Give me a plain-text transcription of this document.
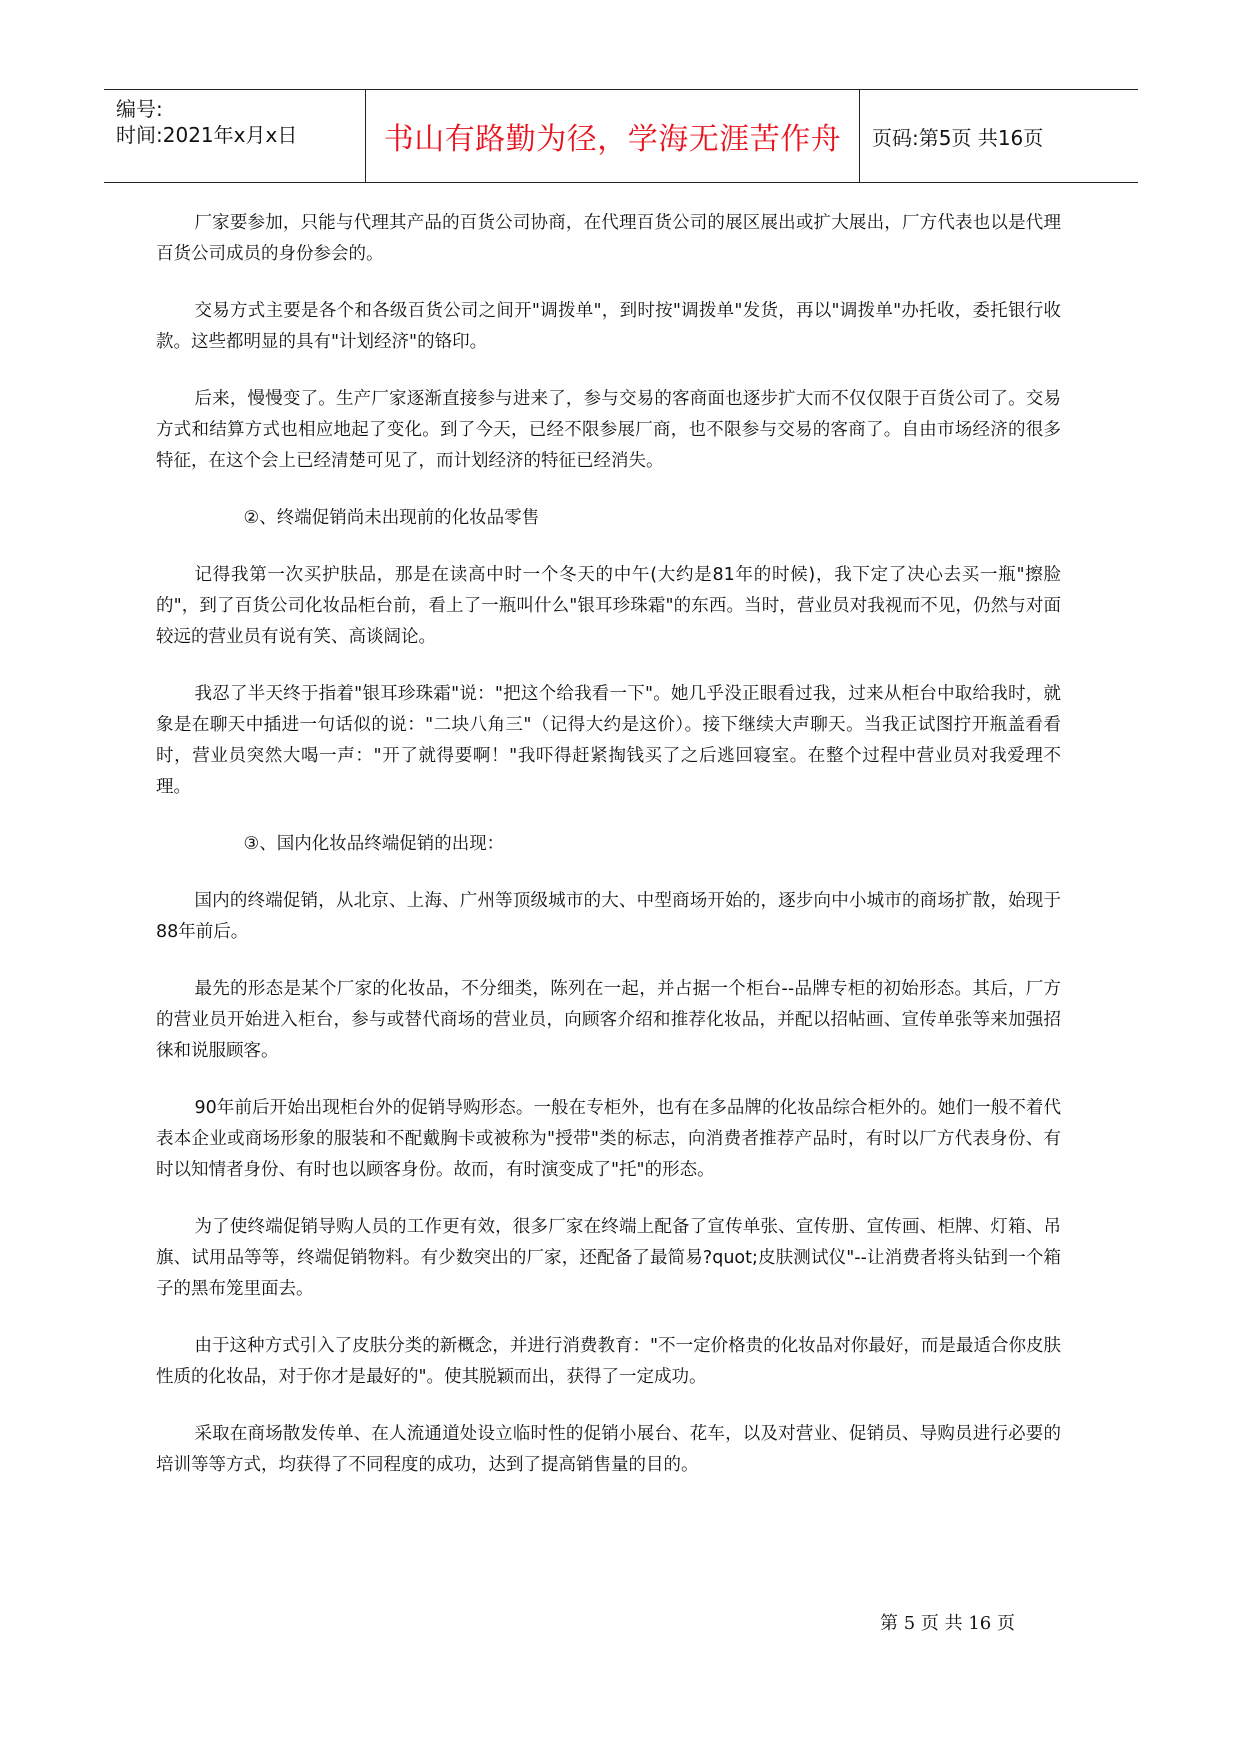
编号:
时间:2021年x月x日	书山有路勤为径，学海无涯苦作舟	页码: 第5页 共16页

厂家要参加，只能与代理其产品的百货公司协商，在代理百货公司的展区展出或扩大展出，厂方代表也以是代理百货公司成员的身份参会的。

交易方式主要是各个和各级百货公司之间开"调拨单"，到时按"调拨单"发货，再以"调拨单"办托收，委托银行收款。这些都明显的具有"计划经济"的铬印。

后来，慢慢变了。生产厂家逐渐直接参与进来了，参与交易的客商面也逐步扩大而不仅仅限于百货公司了。交易方式和结算方式也相应地起了变化。到了今天，已经不限参展厂商，也不限参与交易的客商了。自由市场经济的很多特征，在这个会上已经清楚可见了，而计划经济的特征已经消失。

②、终端促销尚未出现前的化妆品零售

记得我第一次买护肤品，那是在读高中时一个冬天的中午(大约是81年的时候)，我下定了决心去买一瓶"擦脸的"，到了百货公司化妆品柜台前，看上了一瓶叫什么"银耳珍珠霜"的东西。当时，营业员对我视而不见，仍然与对面较远的营业员有说有笑、高谈阔论。

我忍了半天终于指着"银耳珍珠霜"说："把这个给我看一下"。她几乎没正眼看过我，过来从柜台中取给我时，就象是在聊天中插进一句话似的说："二块八角三"（记得大约是这价）。接下继续大声聊天。当我正试图拧开瓶盖看看时，营业员突然大喝一声："开了就得要啊！"我吓得赶紧掏钱买了之后逃回寝室。在整个过程中营业员对我爱理不理。

③、国内化妆品终端促销的出现：

国内的终端促销，从北京、上海、广州等顶级城市的大、中型商场开始的，逐步向中小城市的商场扩散，始现于88年前后。

最先的形态是某个厂家的化妆品，不分细类，陈列在一起，并占据一个柜台--品牌专柜的初始形态。其后，厂方的营业员开始进入柜台，参与或替代商场的营业员，向顾客介绍和推荐化妆品，并配以招帖画、宣传单张等来加强招徕和说服顾客。

90年前后开始出现柜台外的促销导购形态。一般在专柜外，也有在多品牌的化妆品综合柜外的。她们一般不着代表本企业或商场形象的服装和不配戴胸卡或被称为"授带"类的标志，向消费者推荐产品时，有时以厂方代表身份、有时以知情者身份、有时也以顾客身份。故而，有时演变成了"托"的形态。

为了使终端促销导购人员的工作更有效，很多厂家在终端上配备了宣传单张、宣传册、宣传画、柜牌、灯箱、吊旗、试用品等等，终端促销物料。有少数突出的厂家，还配备了最简易?quot;皮肤测试仪"--让消费者将头钻到一个箱子的黑布笼里面去。

由于这种方式引入了皮肤分类的新概念，并进行消费教育："不一定价格贵的化妆品对你最好，而是最适合你皮肤性质的化妆品，对于你才是最好的"。使其脱颖而出，获得了一定成功。

采取在商场散发传单、在人流通道处设立临时性的促销小展台、花车，以及对营业、促销员、导购员进行必要的培训等等方式，均获得了不同程度的成功，达到了提高销售量的目的。

第 5 页 共 16 页
